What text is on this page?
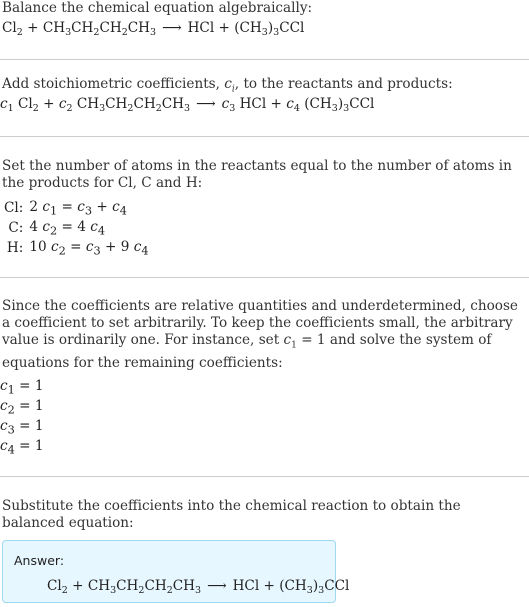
Balance the chemical equation algebraically:

$Cl_2 + CH_3CH_2CH_2CH_3$ ⟶ HCl + $(CH_3)_3CCl$

Add stoichiometric coefficients, $c_i$, to the reactants and products:

$c_1$ $Cl_2 + c_2$ $CH_3CH_2CH_2CH_3$ ⟶ $c_3$ HCl + $c_4$ $(CH_3)_3CCl$

Set the number of atoms in the reactants equal to the number of atoms in the products for Cl, C and H:

Cl:	2 $c_1 = c_3 + c_4$
C:	4 $c_2 = 4$ $c_4$
H:	10 $c_2 = c_3 + 9$ $c_4$

Since the coefficients are relative quantities and underdetermined, choose a coefficient to set arbitrarily. To keep the coefficients small, the arbitrary value is ordinarily one. For instance, set $c_1 = 1$ and solve the system of equations for the remaining coefficients:

$c_1 = 1$
$c_2 = 1$
$c_3 = 1$
$c_4 = 1$

Substitute the coefficients into the chemical reaction to obtain the balanced equation:

Answer:
$Cl_2 + CH_3CH_2CH_2CH_3$ ⟶ HCl + $(CH_3)_3CCl$
